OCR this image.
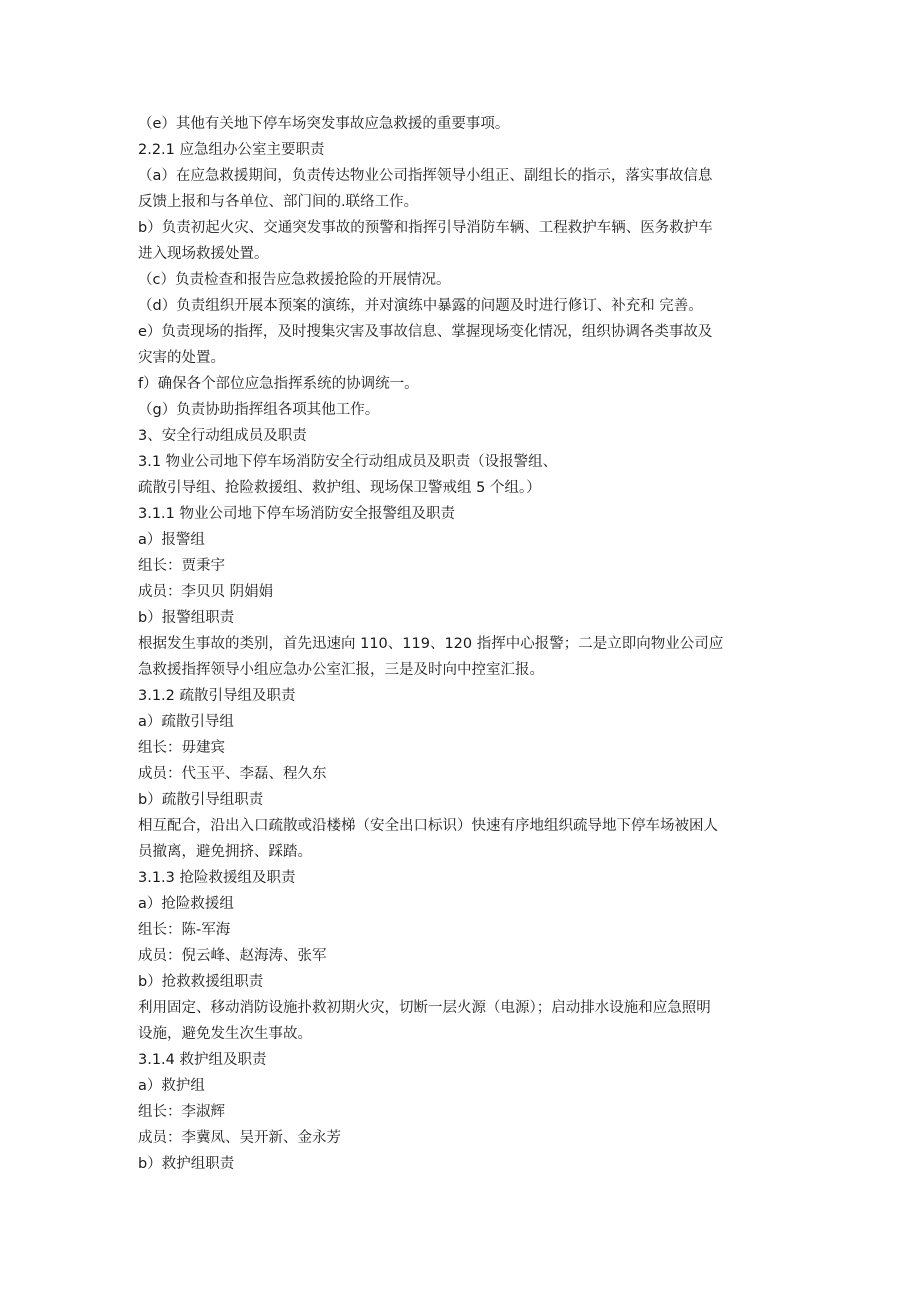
（e）其他有关地下停车场突发事故应急救援的重要事项。
2.2.1 应急组办公室主要职责
（a）在应急救援期间，负责传达物业公司指挥领导小组正、副组长的指示，落实事故信息
反馈上报和与各单位、部门间的.联络工作。
b）负责初起火灾、交通突发事故的预警和指挥引导消防车辆、工程救护车辆、医务救护车
进入现场救援处置。
（c）负责检查和报告应急救援抢险的开展情况。
（d）负责组织开展本预案的演练，并对演练中暴露的问题及时进行修订、补充和 完善。
e）负责现场的指挥，及时搜集灾害及事故信息、掌握现场变化情况，组织协调各类事故及
灾害的处置。
f）确保各个部位应急指挥系统的协调统一。
（g）负责协助指挥组各项其他工作。
3、安全行动组成员及职责
3.1 物业公司地下停车场消防安全行动组成员及职责（设报警组、
疏散引导组、抢险救援组、救护组、现场保卫警戒组 5 个组。）
3.1.1 物业公司地下停车场消防安全报警组及职责
a）报警组
组长：贾秉宇
成员：李贝贝 阴娟娟
b）报警组职责
根据发生事故的类别，首先迅速向 110、119、120 指挥中心报警；二是立即向物业公司应
急救援指挥领导小组应急办公室汇报，三是及时向中控室汇报。
3.1.2 疏散引导组及职责
a）疏散引导组
组长：毋建宾
成员：代玉平、李磊、程久东
b）疏散引导组职责
相互配合，沿出入口疏散或沿楼梯（安全出口标识）快速有序地组织疏导地下停车场被困人
员撤离，避免拥挤、踩踏。
3.1.3 抢险救援组及职责
a）抢险救援组
组长：陈-军海
成员：倪云峰、赵海涛、张军
b）抢救救援组职责
利用固定、移动消防设施扑救初期火灾，切断一层火源（电源）；启动排水设施和应急照明
设施，避免发生次生事故。
3.1.4 救护组及职责
a）救护组
组长：李淑辉
成员：李冀凤、吴开新、金永芳
b）救护组职责
